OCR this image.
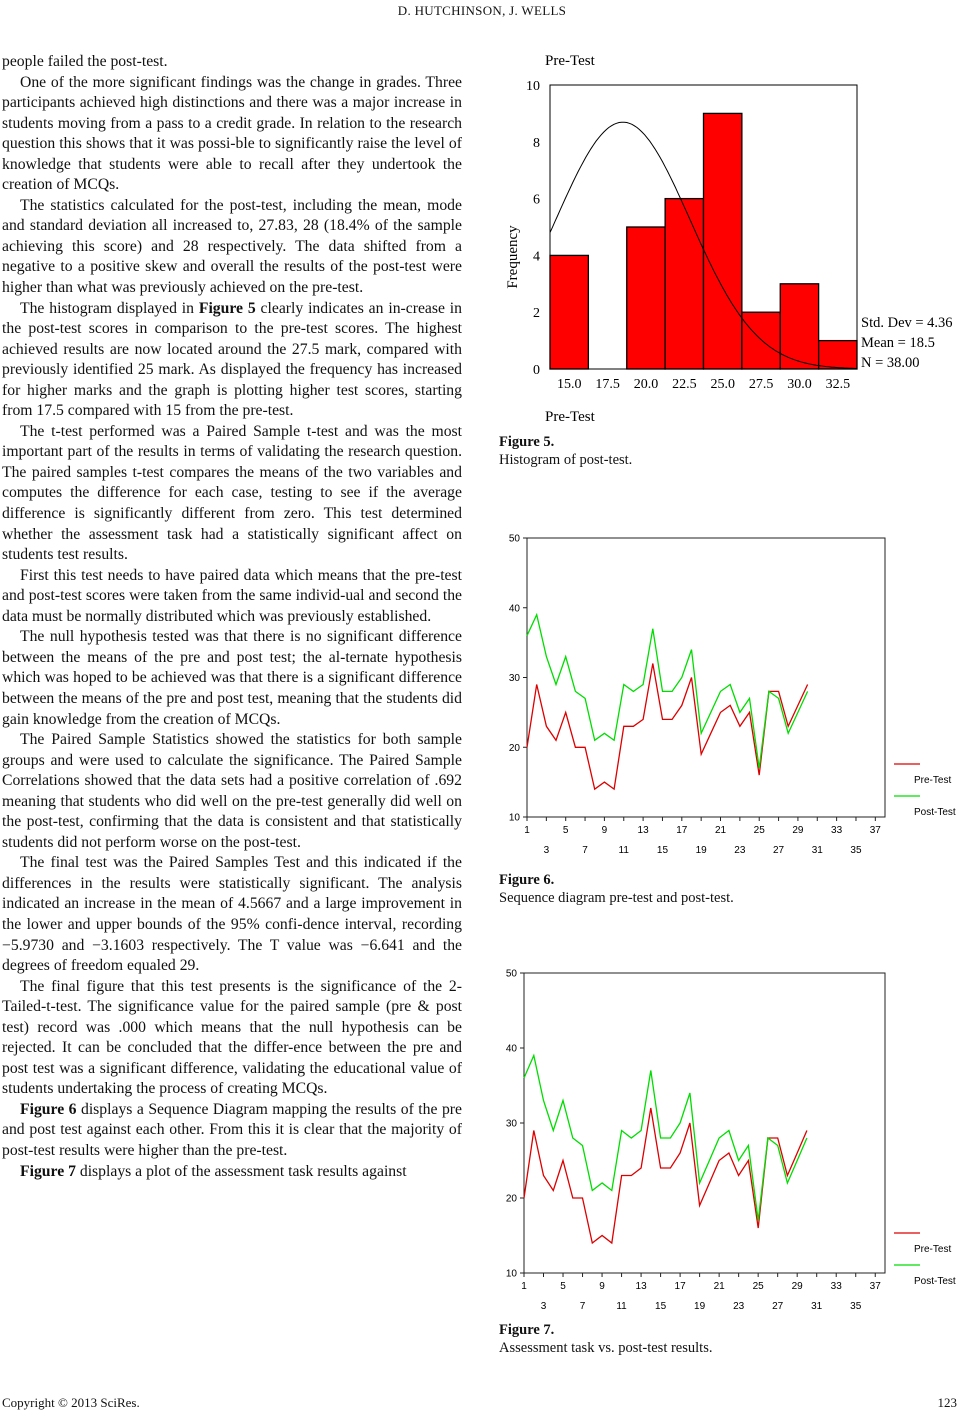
D. HUTCHINSON, J. WELLS

people failed the post-test.

One of the more significant findings was the change in grades. Three participants achieved high distinctions and there was a major increase in students moving from a pass to a credit grade. In relation to the research question this shows that it was possi-ble to significantly raise the level of knowledge that students were able to recall after they undertook the creation of MCQs.

The statistics calculated for the post-test, including the mean, mode and standard deviation all increased to, 27.83, 28 (18.4% of the sample achieving this score) and 28 respectively. The data shifted from a negative to a positive skew and overall the results of the post-test were higher than what was previously achieved on the pre-test.

The histogram displayed in Figure 5 clearly indicates an in-crease in the post-test scores in comparison to the pre-test scores. The highest achieved results are now located around the 27.5 mark, compared with previously identified 25 mark. As displayed the frequency has increased for higher marks and the graph is plotting higher test scores, starting from 17.5 compared with 15 from the pre-test.

The t-test performed was a Paired Sample t-test and was the most important part of the results in terms of validating the research question. The paired samples t-test compares the means of the two variables and computes the difference for each case, testing to see if the average difference is significantly different from zero. This test determined whether the assessment task had a statistically significant affect on students test results.

First this test needs to have paired data which means that the pre-test and post-test scores were taken from the same individ-ual and second the data must be normally distributed which was previously established.

The null hypothesis tested was that there is no significant difference between the means of the pre and post test; the al-ternate hypothesis which was hoped to be achieved was that there is a significant difference between the means of the pre and post test, meaning that the students did gain knowledge from the creation of MCQs.

The Paired Sample Statistics showed the statistics for both sample groups and were used to calculate the significance. The Paired Sample Correlations showed that the data sets had a positive correlation of .692 meaning that students who did well on the pre-test generally did well on the post-test, confirming that the data is consistent and that statistically students did not perform worse on the post-test.

The final test was the Paired Samples Test and this indicated if the differences in the results were statistically significant. The analysis indicated an increase in the mean of 4.5667 and a large improvement in the lower and upper bounds of the 95% confi-dence interval, recording −5.9730 and −3.1603 respectively. The T value was −6.641 and the degrees of freedom equaled 29.

The final figure that this test presents is the significance of the 2-Tailed-t-test. The significance value for the paired sample (pre & post test) record was .000 which means that the null hypothesis can be rejected. It can be concluded that the differ-ence between the pre and post test was a significant difference, validating the educational value of students undertaking the process of creating MCQs.

Figure 6 displays a Sequence Diagram mapping the results of the pre and post test against each other. From this it is clear that the majority of post-test results were higher than the pre-test.

Figure 7 displays a plot of the assessment task results against

Pre-Test
0
2
4
6
8
10
15.0 17.5 20.0 22.5 25.0 27.5 30.0 32.5
Frequency
Pre-Test
Std. Dev = 4.36
Mean = 18.5
N = 38.00
Figure 5.
Histogram of post-test.
10
20
30
40
50
1	5	9	13	17	21	25	29	33	37
3	7	11	15	19	23	27	31	35
Pre-Test
Post-Test
Figure 6.
Sequence diagram pre-test and post-test.
10
20
30
40
50
1	5	9	13	17	21	25	29	33	37
3	7	11	15	19	23	27	31	35
Pre-Test
Post-Test
Figure 7.
Assessment task vs. post-test results.
Copyright © 2013 SciRes.	123
